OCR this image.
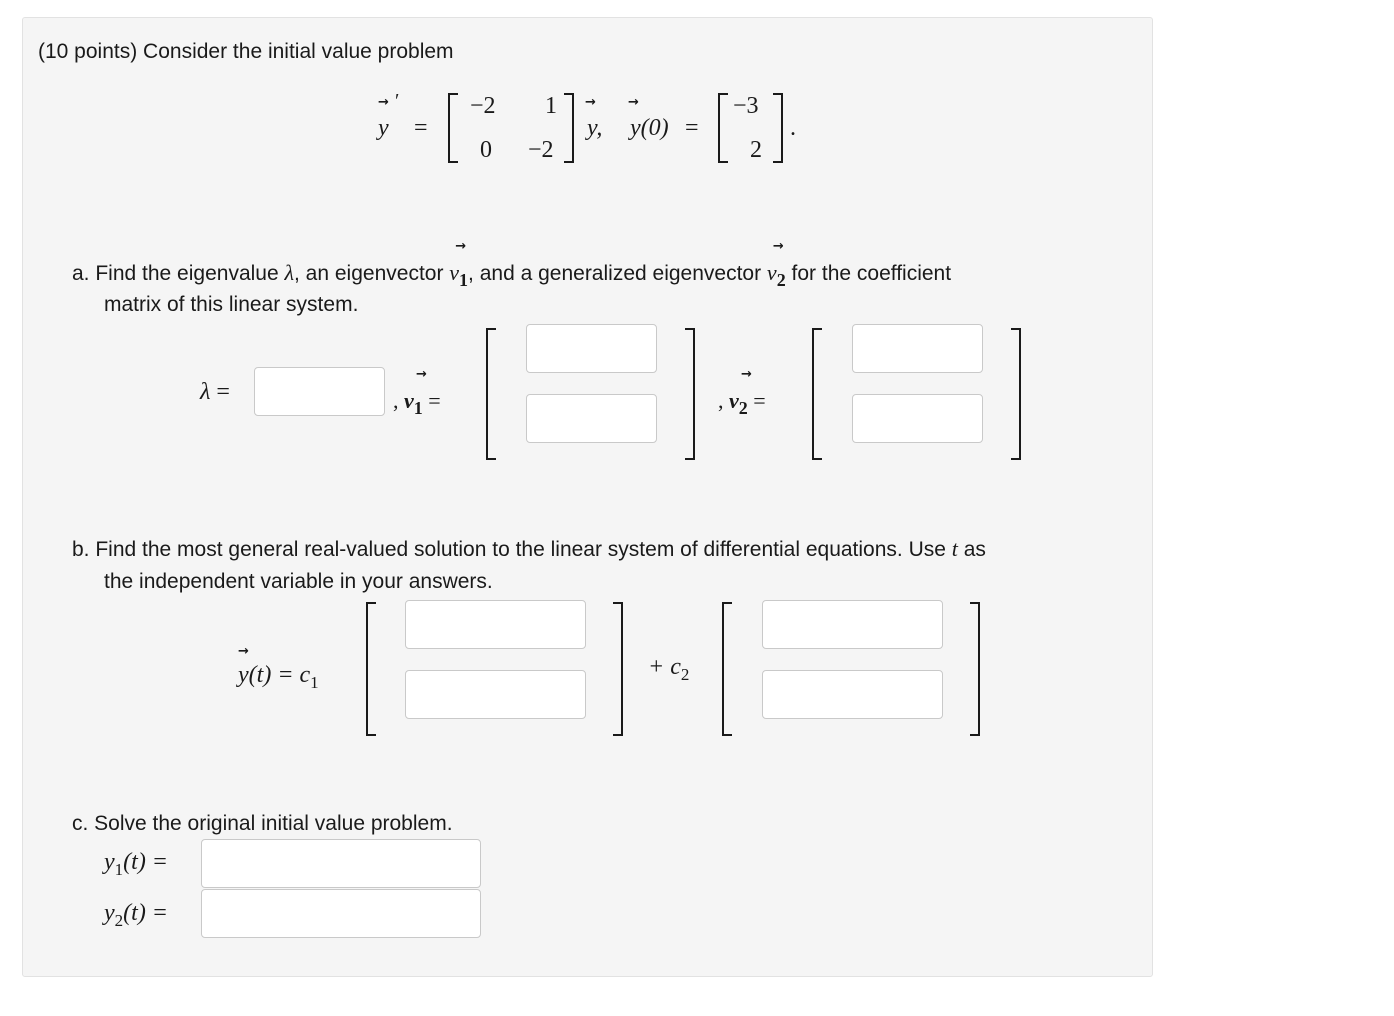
(10 points) Consider the initial value problem
→
y
′
=
−2 1
0 −2
→
y,
→
y(0) =
−3
2
.
a. Find the eigenvalue λ, an eigenvector
→
$v_1$, and a generalized eigenvector
→
$v_2$ for the coefficient
matrix of this linear system.
λ =	,
→
$v_1$ =	,
→
$v_2$ =
b. Find the most general real-valued solution to the linear system of differential equations. Use t as
the independent variable in your answers.
→
$y(t) = c_1$
+ $c_2$
c. Solve the original initial value problem.
$y_1(t)$ =
$y_2(t)$ =
